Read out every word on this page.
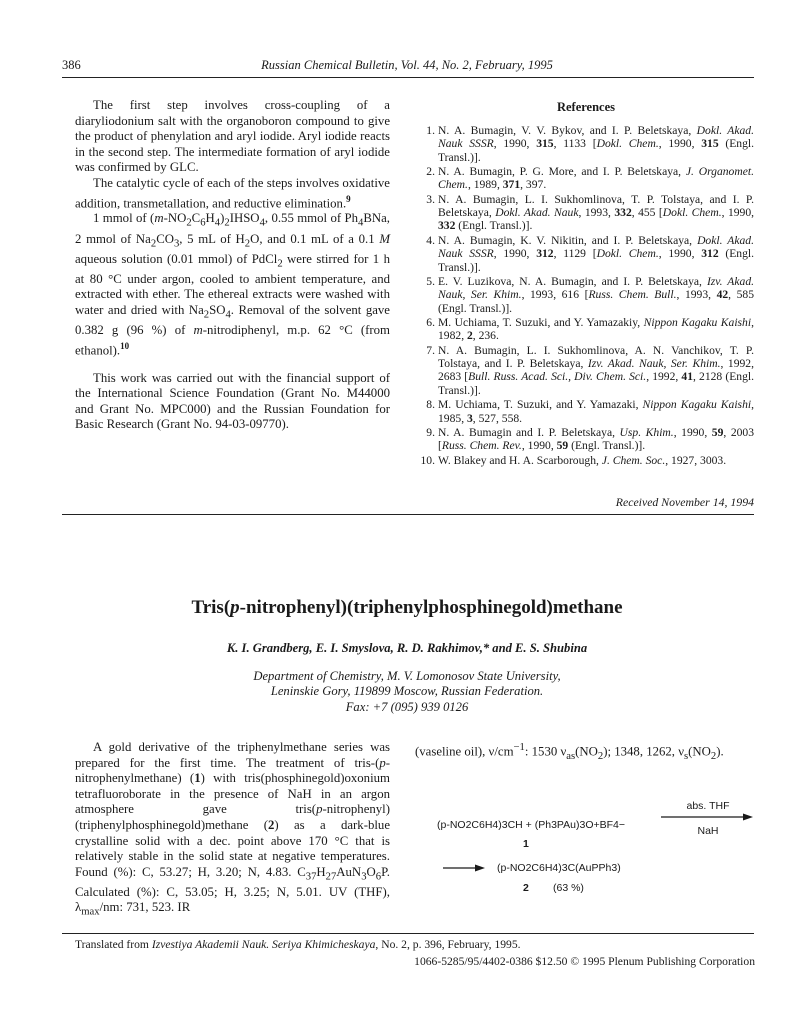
386	Russian Chemical Bulletin, Vol. 44, No. 2, February, 1995

The first step involves cross-coupling of a diaryliodonium salt with the organoboron compound to give the product of phenylation and aryl iodide. Aryl iodide reacts in the second step. The intermediate formation of aryl iodide was confirmed by GLC.

The catalytic cycle of each of the steps involves oxidative addition, transmetallation, and reductive elimination.$^9$

1 mmol of $(m-NO_2C_6H_4)_2IHSO_4$, 0.55 mmol of $Ph_4BNa$, 2 mmol of $Na_2CO_3$, 5 mL of $H_2O$, and 0.1 mL of a 0.1 M aqueous solution (0.01 mmol) of PdCl$_2$ were stirred for 1 h at 80 °C under argon, cooled to ambient temperature, and extracted with ether. The ethereal extracts were washed with water and dried with $Na_2SO_4$. Removal of the solvent gave 0.382 g (96 %) of m-nitrodiphenyl, m.p. 62 °C (from ethanol).$^{10}$

This work was carried out with the financial support of the International Science Foundation (Grant No. M44000 and Grant No. MPC000) and the Russian Foundation for Basic Research (Grant No. 94-03-09770).

References
1. N. A. Bumagin, V. V. Bykov, and I. P. Beletskaya, Dokl. Akad. Nauk SSSR, 1990, 315, 1133 [Dokl. Chem., 1990, 315 (Engl. Transl.)].
2. N. A. Bumagin, P. G. More, and I. P. Beletskaya, J. Organomet. Chem., 1989, 371, 397.
3. N. A. Bumagin, L. I. Sukhomlinova, T. P. Tolstaya, and I. P. Beletskaya, Dokl. Akad. Nauk, 1993, 332, 455 [Dokl. Chem., 1990, 332 (Engl. Transl.)].
4. N. A. Bumagin, K. V. Nikitin, and I. P. Beletskaya, Dokl. Akad. Nauk SSSR, 1990, 312, 1129 [Dokl. Chem., 1990, 312 (Engl. Transl.)].
5. E. V. Luzikova, N. A. Bumagin, and I. P. Beletskaya, Izv. Akad. Nauk, Ser. Khim., 1993, 616 [Russ. Chem. Bull., 1993, 42, 585 (Engl. Transl.)].
6. M. Uchiama, T. Suzuki, and Y. Yamazakiy, Nippon Kagaku Kaishi, 1982, 2, 236.
7. N. A. Bumagin, L. I. Sukhomlinova, A. N. Vanchikov, T. P. Tolstaya, and I. P. Beletskaya, Izv. Akad. Nauk, Ser. Khim., 1992, 2683 [Bull. Russ. Acad. Sci., Div. Chem. Sci., 1992, 41, 2128 (Engl. Transl.)].
8. M. Uchiama, T. Suzuki, and Y. Yamazaki, Nippon Kagaku Kaishi, 1985, 3, 527, 558.
9. N. A. Bumagin and I. P. Beletskaya, Usp. Khim., 1990, 59, 2003 [Russ. Chem. Rev., 1990, 59 (Engl. Transl.)].
10. W. Blakey and H. A. Scarborough, J. Chem. Soc., 1927, 3003.
Received November 14, 1994
Tris(p-nitrophenyl)(triphenylphosphinegold)methane
K. I. Grandberg, E. I. Smyslova, R. D. Rakhimov,* and E. S. Shubina
Department of Chemistry, M. V. Lomonosov State University,
Leninskie Gory, 119899 Moscow, Russian Federation.
Fax: +7 (095) 939 0126

A gold derivative of the triphenylmethane series was prepared for the first time. The treatment of tris-(p-nitrophenylmethane) (1) with tris(phosphinegold)oxonium tetrafluoroborate in the presence of NaH in an argon atmosphere gave tris(p-nitrophenyl)(triphenylphosphinegold)methane (2) as a dark-blue crystalline solid with a dec. point above 170 °C that is relatively stable in the solid state at negative temperatures. Found (%): C, 53.27; H, 3.20; N, 4.83. $C_{37}H_{27}AuN_3O_6P$. Calculated (%): C, 53.05; H, 3.25; N, 5.01. UV (THF), $\lambda_{max}/nm$: 731, 523. IR

(vaseline oil), $\nu/cm^{-1}$: 1530 $\nu_{as}(NO_2)$; 1348, 1262, $\nu_s(NO_2)$.
(p-NO2C6H4)3CH + (Ph3PAu)3O+BF4−
1
abs. THF
NaH
→ (p-NO2C6H4)3C(AuPPh3)
2 (63 %)
Translated from Izvestiya Akademii Nauk. Seriya Khimicheskaya, No. 2, p. 396, February, 1995.
1066-5285/95/4402-0386 $12.50 © 1995 Plenum Publishing Corporation
